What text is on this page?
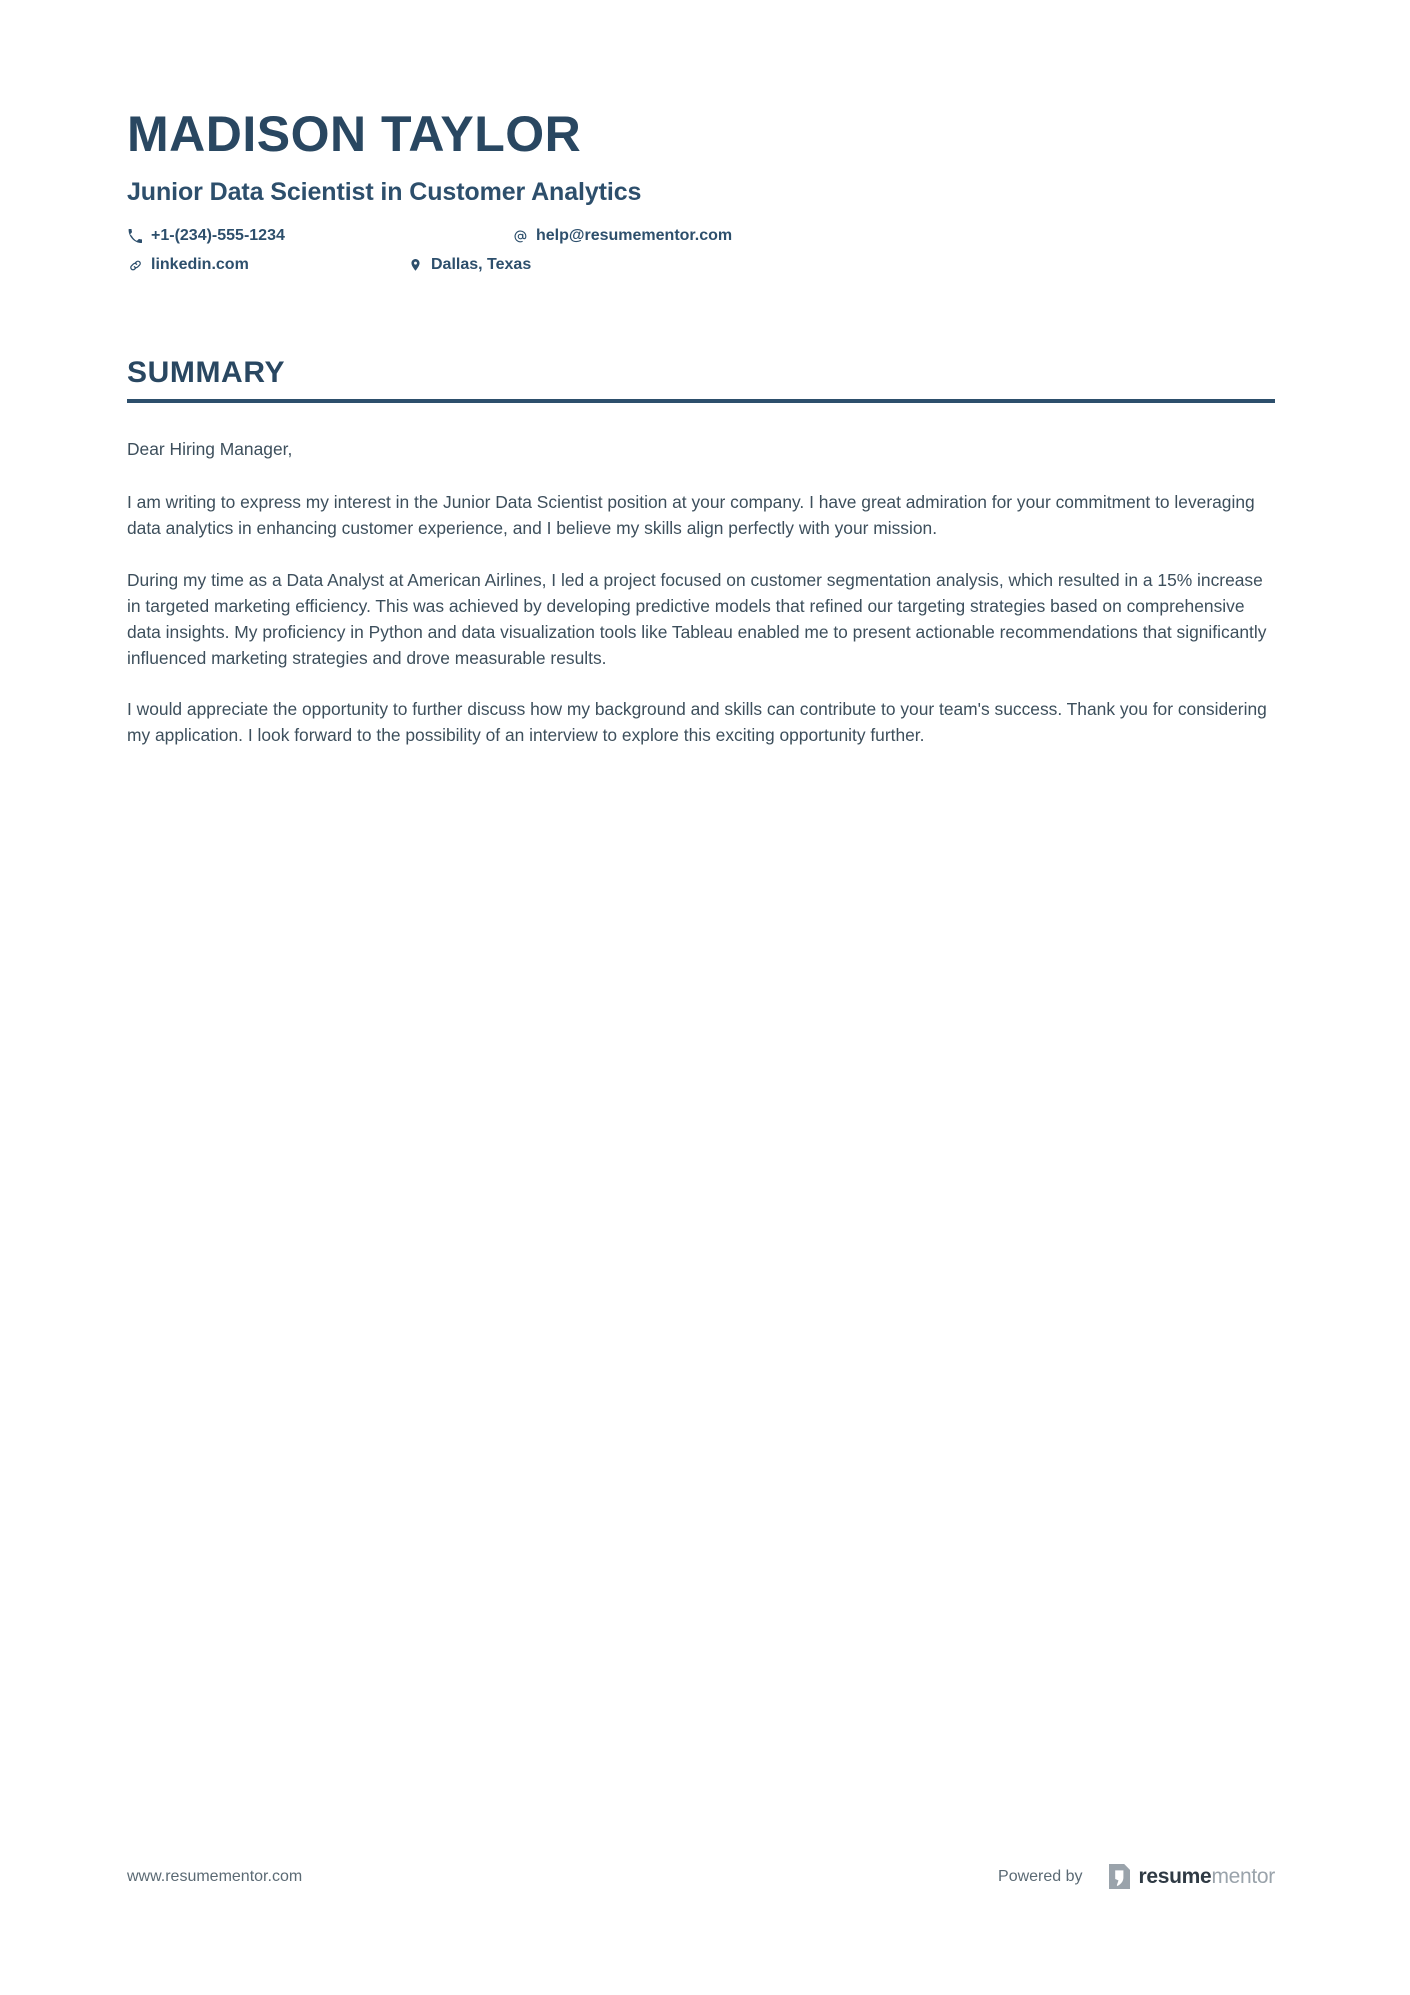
MADISON TAYLOR
Junior Data Scientist in Customer Analytics
+1-(234)-555-1234	help@resumementor.com
linkedin.com	Dallas, Texas
SUMMARY

Dear Hiring Manager,

I am writing to express my interest in the Junior Data Scientist position at your company. I have great admiration for your commitment to leveraging data analytics in enhancing customer experience, and I believe my skills align perfectly with your mission.

During my time as a Data Analyst at American Airlines, I led a project focused on customer segmentation analysis, which resulted in a 15% increase in targeted marketing efficiency. This was achieved by developing predictive models that refined our targeting strategies based on comprehensive data insights. My proficiency in Python and data visualization tools like Tableau enabled me to present actionable recommendations that significantly influenced marketing strategies and drove measurable results.

I would appreciate the opportunity to further discuss how my background and skills can contribute to your team's success. Thank you for considering my application. I look forward to the possibility of an interview to explore this exciting opportunity further.

www.resumementor.com	Powered by	resumementor
